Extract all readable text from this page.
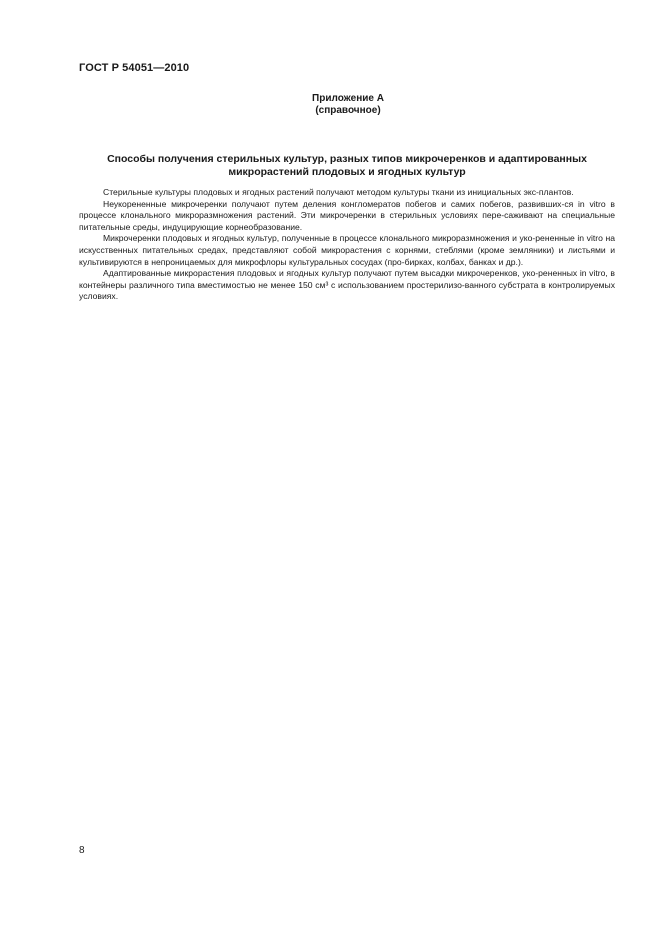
ГОСТ Р 54051—2010
Приложение А
(справочное)
Способы получения стерильных культур, разных типов микрочеренков и адаптированных
микрорастений плодовых и ягодных культур

Стерильные культуры плодовых и ягодных растений получают методом культуры ткани из инициальных экс-плантов.

Неукорененные микрочеренки получают путем деления конгломератов побегов и самих побегов, развивших-ся in vitro в процессе клонального микроразмножения растений. Эти микрочеренки в стерильных условиях пере-саживают на специальные питательные среды, индуцирующие корнеобразование.

Микрочеренки плодовых и ягодных культур, полученные в процессе клонального микроразмножения и уко-рененные in vitro на искусственных питательных средах, представляют собой микрорастения с корнями, стеблями (кроме земляники) и листьями и культивируются в непроницаемых для микрофлоры культуральных сосудах (про-бирках, колбах, банках и др.).

Адаптированные микрорастения плодовых и ягодных культур получают путем высадки микрочеренков, уко-рененных in vitro, в контейнеры различного типа вместимостью не менее 150 см³ с использованием простерилизо-ванного субстрата в контролируемых условиях.

8
